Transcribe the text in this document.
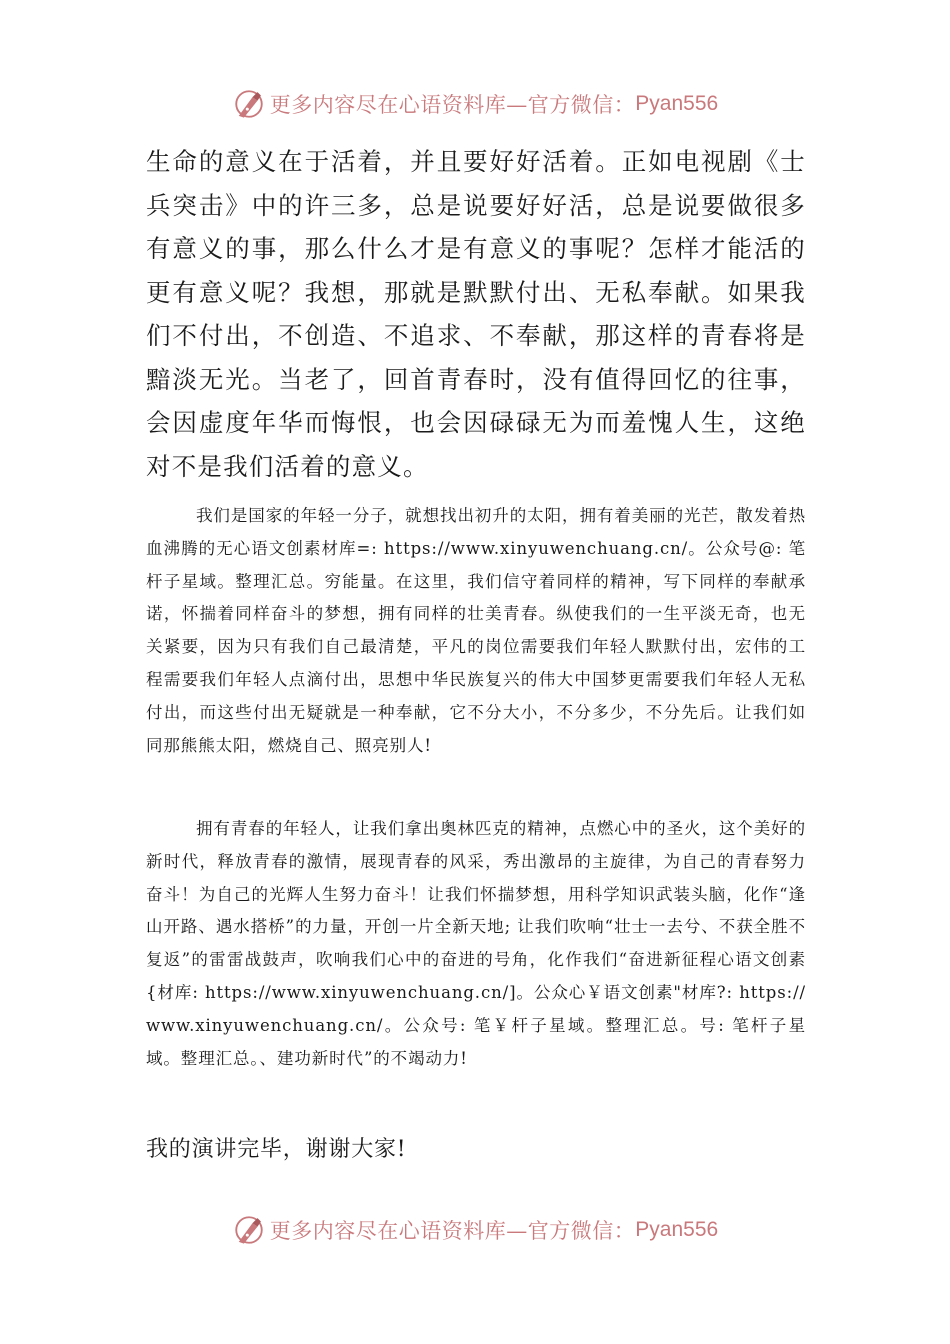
更多内容尽在心语资料库—官方微信： Pyan556
生命的意义在于活着，并且要好好活着。正如电视剧《士兵突击》中的许三多，总是说要好好活，总是说要做很多有意义的事，那么什么才是有意义的事呢？怎样才能活的更有意义呢？我想，那就是默默付出、无私奉献。如果我们不付出，不创造、不追求、不奉献，那这样的青春将是黯淡无光。当老了，回首青春时，没有值得回忆的往事，会因虚度年华而悔恨，也会因碌碌无为而羞愧人生，这绝对不是我们活着的意义。
我们是国家的年轻一分子，就想找出初升的太阳，拥有着美丽的光芒，散发着热血沸腾的无心语文创素材库=: https://www.xinyuwenchuang.cn/。公众号@: 笔杆子星域。整理汇总。穷能量。在这里，我们信守着同样的精神，写下同样的奉献承诺，怀揣着同样奋斗的梦想，拥有同样的壮美青春。纵使我们的一生平淡无奇，也无关紧要，因为只有我们自己最清楚，平凡的岗位需要我们年轻人默默付出，宏伟的工程需要我们年轻人点滴付出，思想中华民族复兴的伟大中国梦更需要我们年轻人无私付出，而这些付出无疑就是一种奉献，它不分大小，不分多少，不分先后。让我们如同那熊熊太阳，燃烧自己、照亮别人!
拥有青春的年轻人，让我们拿出奥林匹克的精神，点燃心中的圣火，这个美好的新时代，释放青春的激情，展现青春的风采，秀出激昂的主旋律，为自己的青春努力奋斗！为自己的光辉人生努力奋斗！让我们怀揣梦想，用科学知识武装头脑，化作“逢山开路、遇水搭桥”的力量，开创一片全新天地; 让我们吹响“壮士一去兮、不获全胜不复返”的雷雷战鼓声，吹响我们心中的奋进的号角，化作我们“奋进新征程心语文创素{材库: https://www.xinyuwenchuang.cn/]。公众心￥语文创素"材库?: https://www.xinyuwenchuang.cn/。公众号: 笔￥杆子星域。整理汇总。号: 笔杆子星域。整理汇总。、建功新时代”的不竭动力!
我的演讲完毕，谢谢大家!
更多内容尽在心语资料库—官方微信： Pyan556
